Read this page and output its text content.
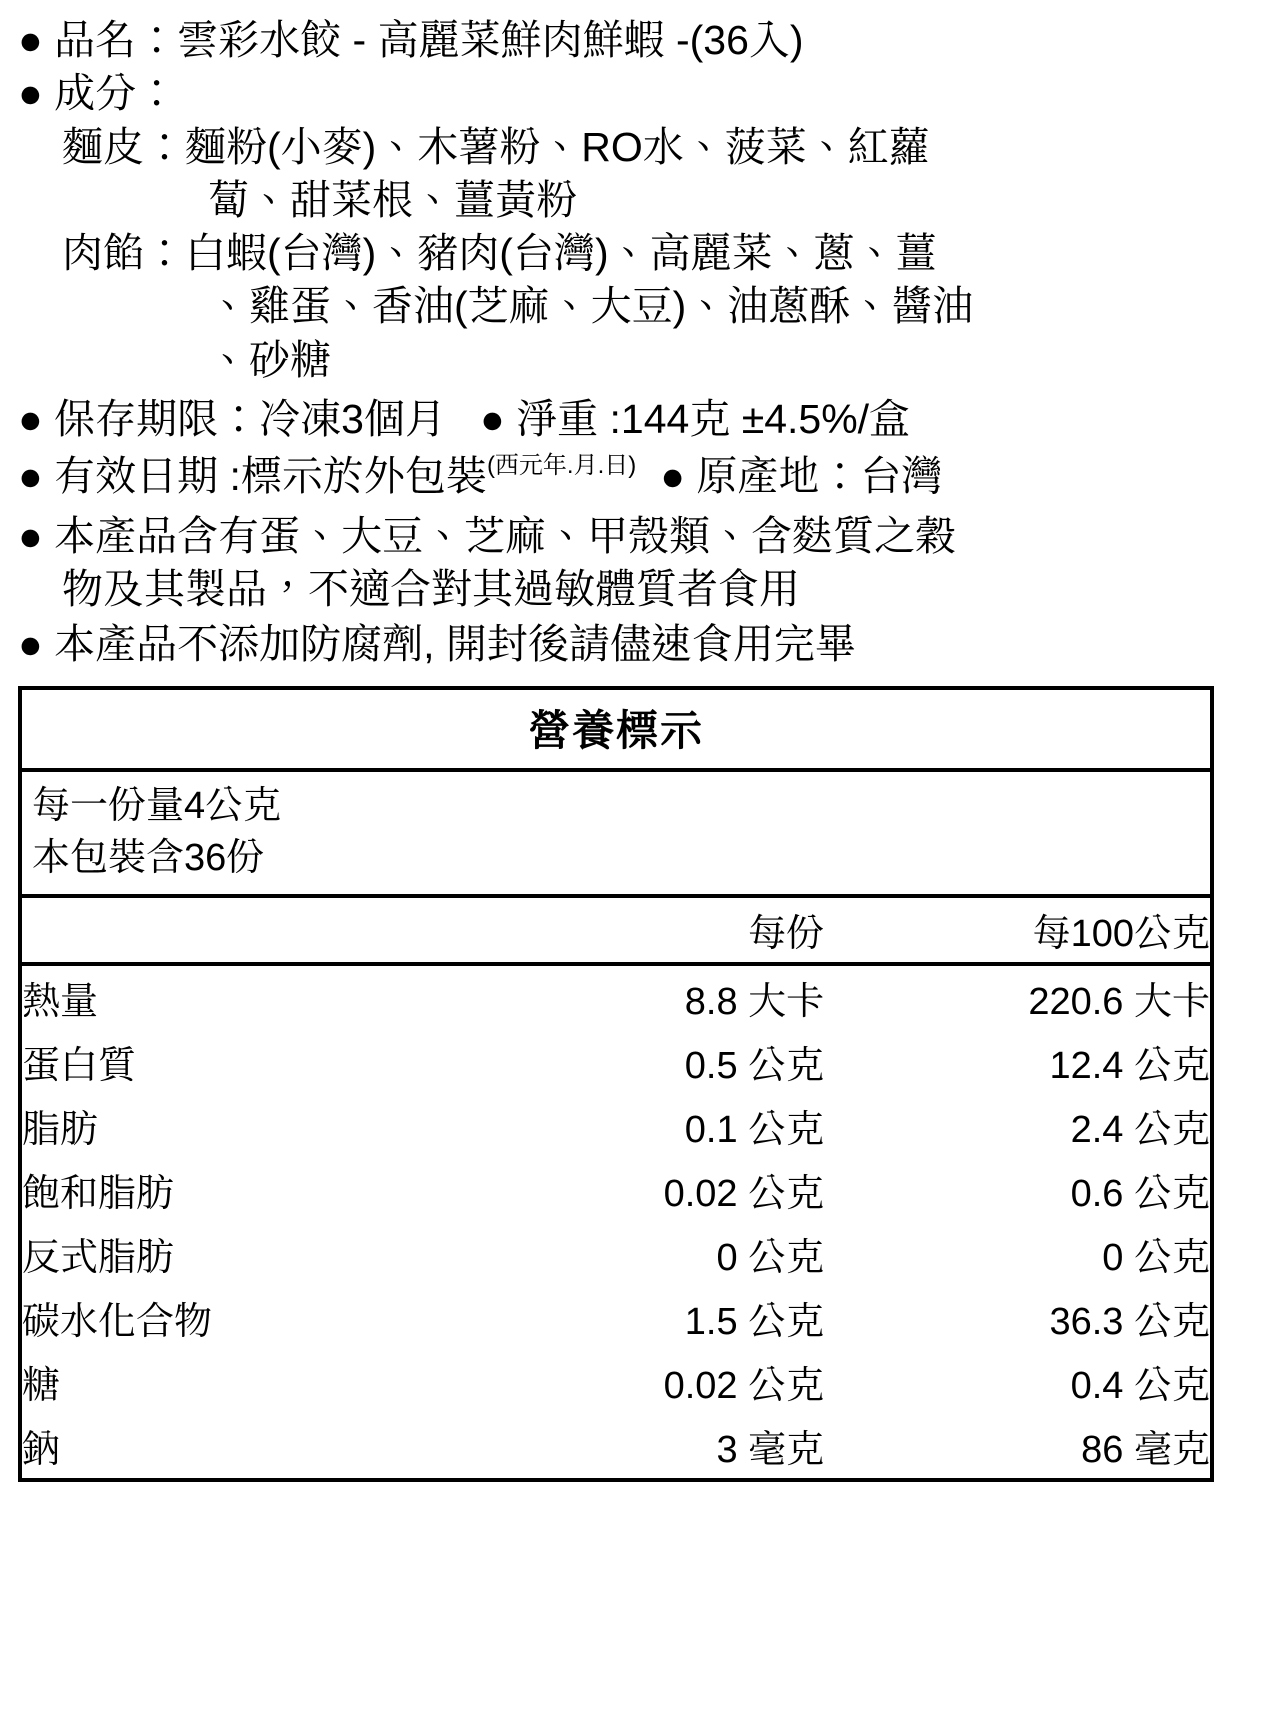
● 品名：雲彩水餃 - 高麗菜鮮肉鮮蝦 -(36入)
● 成分：
麵皮： 麵粉(小麥)、木薯粉、RO水、菠菜、紅蘿
蔔、甜菜根、薑黃粉
肉餡： 白蝦(台灣)、豬肉(台灣)、高麗菜、蔥、薑
、雞蛋、香油(芝麻、大豆)、油蔥酥、醬油
、砂糖
● 保存期限：冷凍3個月 ● 淨重 :144克 ±4.5%/盒
● 有效日期 :標示於外包裝 (西元年.月.日) ● 原產地：台灣
● 本產品含有蛋、大豆、芝麻、甲殼類、含麩質之穀
物及其製品，不適合對其過敏體質者食用
● 本產品不添加防腐劑, 開封後請儘速食用完畢
營養標示
每一份量4公克
本包裝含36份
	每份	每100公克
熱量	8.8 大卡	220.6 大卡
蛋白質	0.5 公克	12.4 公克
脂肪	0.1 公克	2.4 公克
飽和脂肪	0.02 公克	0.6 公克
反式脂肪	0 公克	0 公克
碳水化合物	1.5 公克	36.3 公克
糖	0.02 公克	0.4 公克
鈉	3 毫克	86 毫克
